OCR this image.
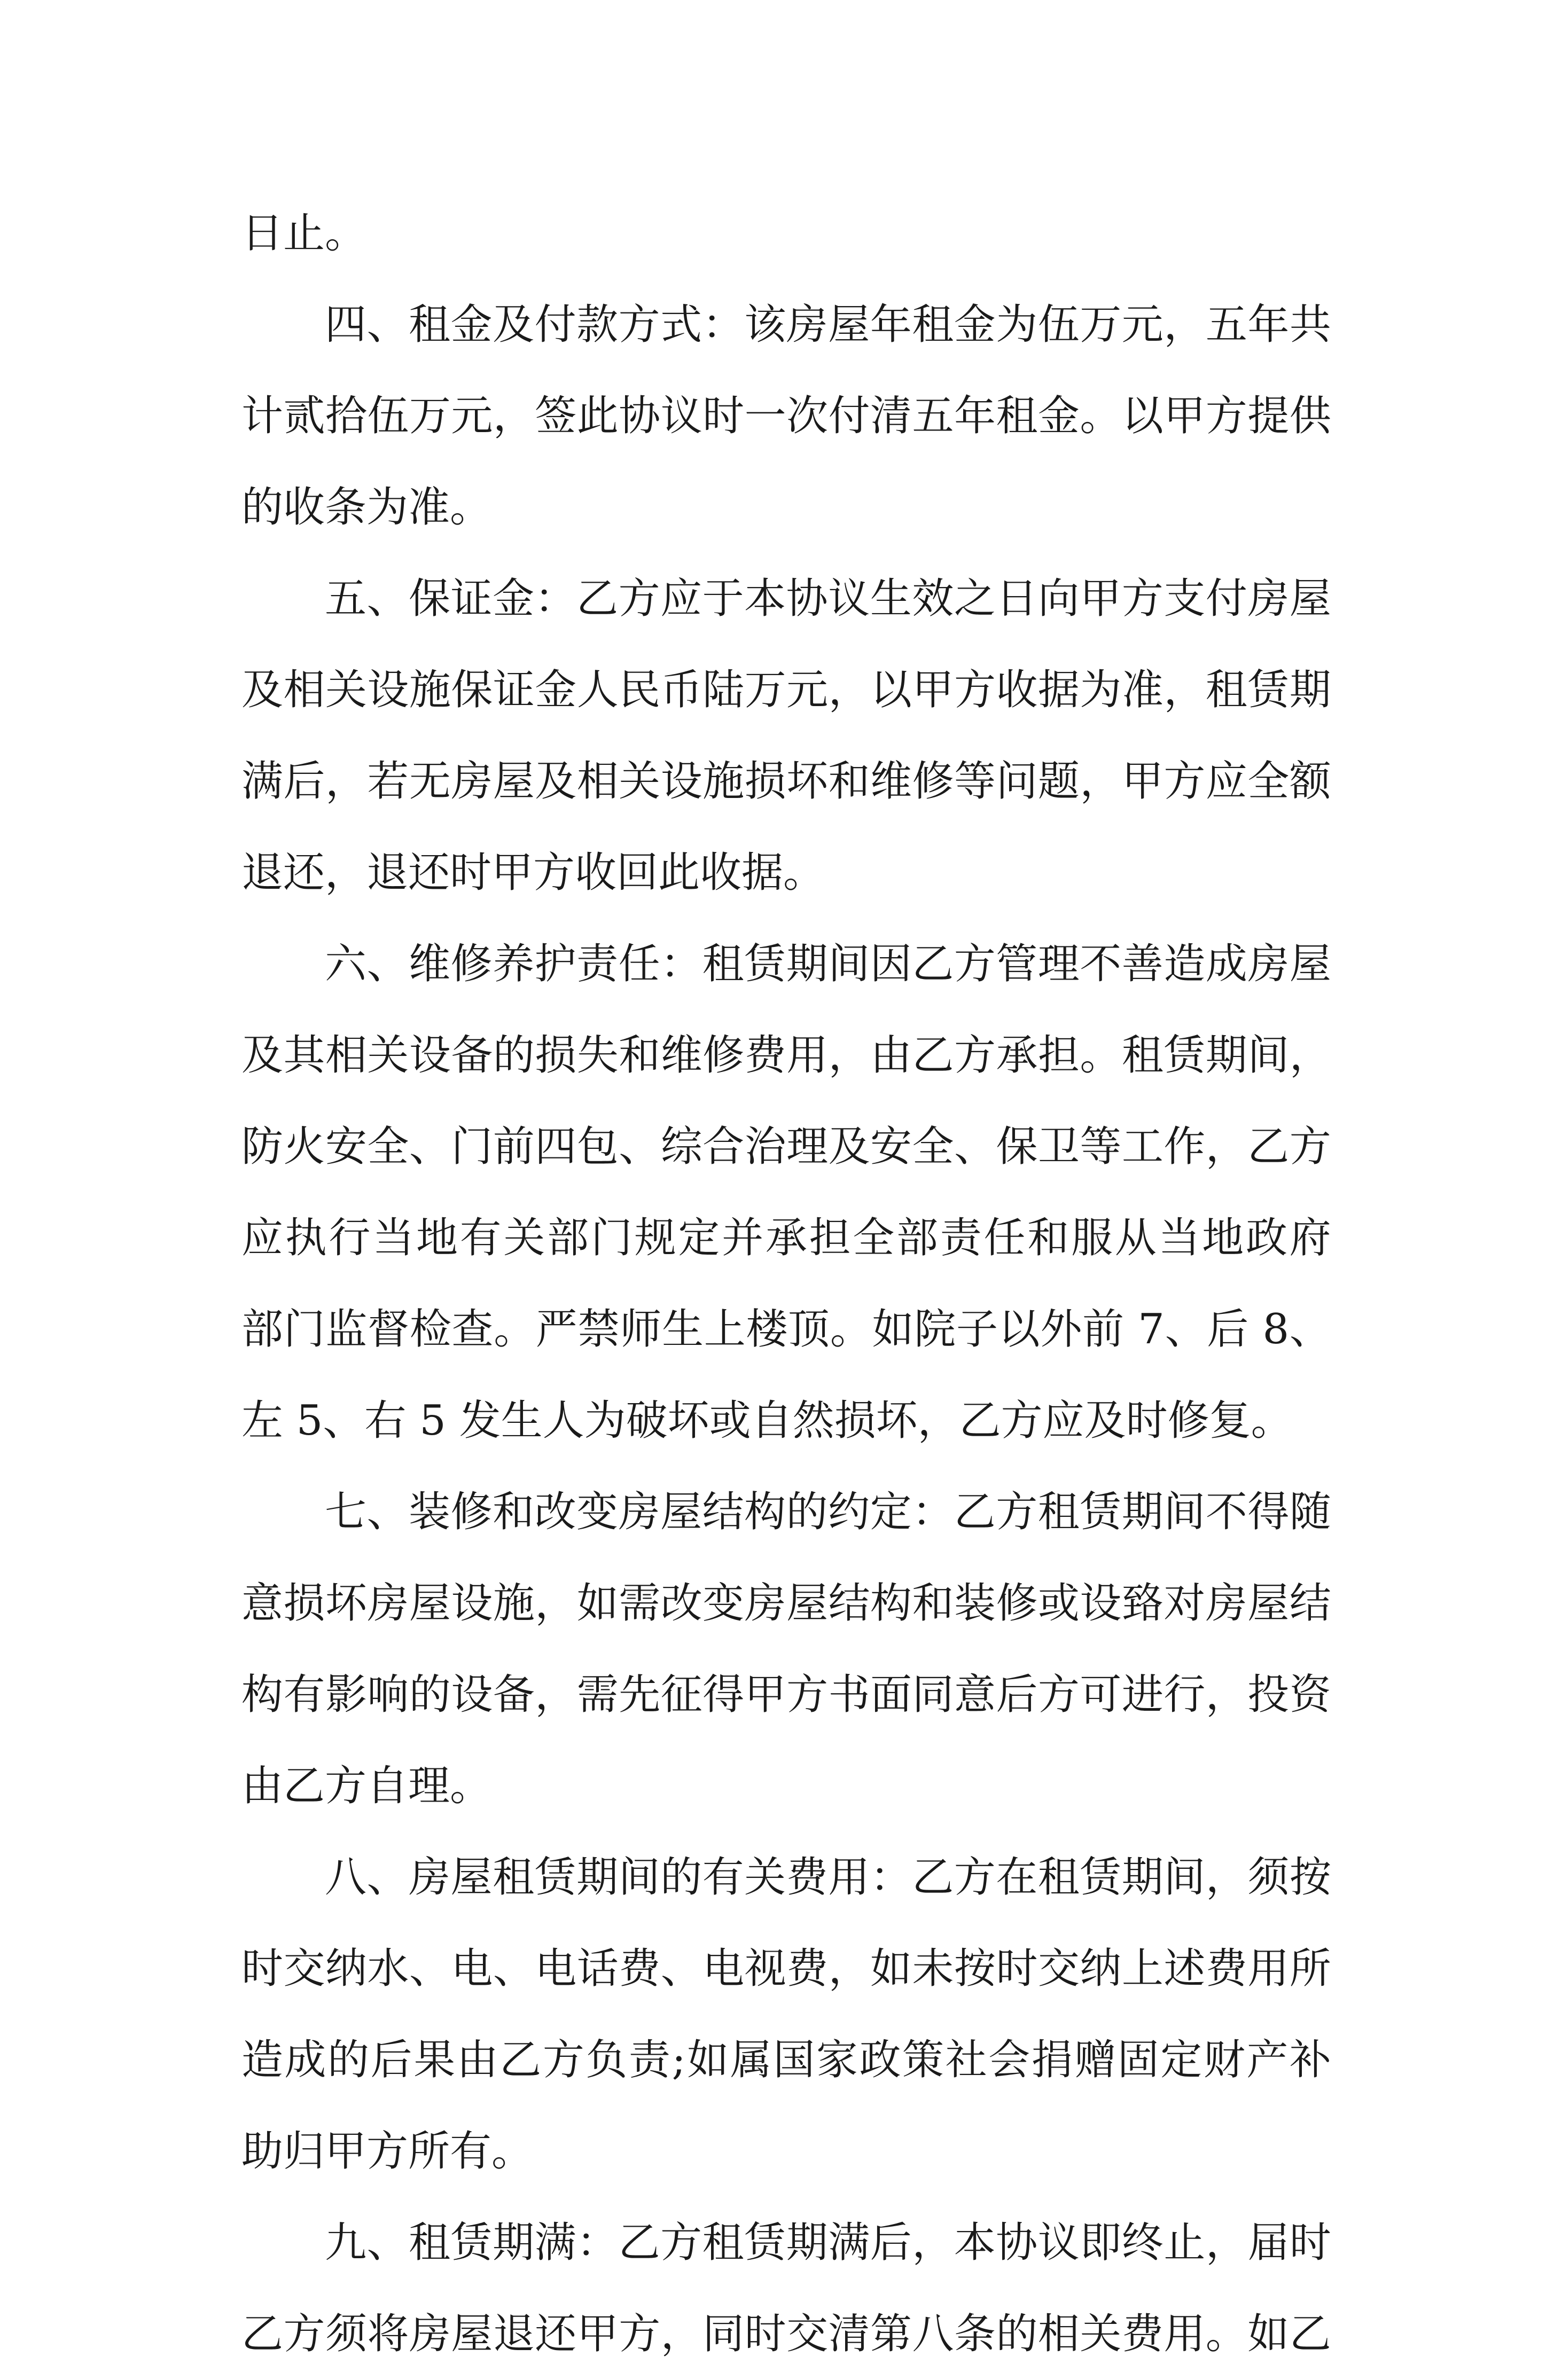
日止。
四 、 租 金 及 付 款 方 式 ： 该 房 屋 年 租 金 为 伍 万 元 ， 五 年 共
计 贰 拾 伍 万 元 ， 签 此 协 议 时 一 次 付 清 五 年 租 金 。 以 甲 方 提 供
的收条为准。
五 、 保 证 金 ： 乙 方 应 于 本 协 议 生 效 之 日 向 甲 方 支 付 房 屋
及 相 关 设 施 保 证 金 人 民 币 陆 万 元 ， 以 甲 方 收 据 为 准 ， 租 赁 期
满 后 ， 若 无 房 屋 及 相 关 设 施 损 坏 和 维 修 等 问 题 ， 甲 方 应 全 额
退还，退还时甲方收回此收据。
六 、 维 修 养 护 责 任 ： 租 赁 期 间 因 乙 方 管 理 不 善 造 成 房 屋
及 其 相 关 设 备 的 损 失 和 维 修 费 用 ， 由 乙 方 承 担 。 租 赁 期 间 ，
防 火 安 全 、 门 前 四 包 、 综 合 治 理 及 安 全 、 保 卫 等 工 作 ， 乙 方
应 执 行 当 地 有 关 部 门 规 定 并 承 担 全 部 责 任 和 服 从 当 地 政 府
部 门 监 督 检 查 。 严 禁 师 生 上 楼 顶 。 如 院 子 以 外 前
7 、 后
8 、
左 5、右 5 发生人为破坏或自然损坏，乙方应及时修复。
七 、 装 修 和 改 变 房 屋 结 构 的 约 定 ： 乙 方 租 赁 期 间 不 得 随
意 损 坏 房 屋 设 施 ， 如 需 改 变 房 屋 结 构 和 装 修 或 设 臵 对 房 屋 结
构 有 影 响 的 设 备 ， 需 先 征 得 甲 方 书 面 同 意 后 方 可 进 行 ， 投 资
由乙方自理。
八 、 房 屋 租 赁 期 间 的 有 关 费 用 ： 乙 方 在 租 赁 期 间 ， 须 按
时 交 纳 水 、 电 、 电 话 费 、 电 视 费 ， 如 未 按 时 交 纳 上 述 费 用 所
造 成 的 后 果 由 乙 方 负 责 ; 如 属 国 家 政 策 社 会 捐 赠 固 定 财 产 补
助归甲方所有。
九 、 租 赁 期 满 ： 乙 方 租 赁 期 满 后 ， 本 协 议 即 终 止 ， 届 时
乙 方 须 将 房 屋 退 还 甲 方 ， 同 时 交 清 第 八 条 的 相 关 费 用 。 如 乙
